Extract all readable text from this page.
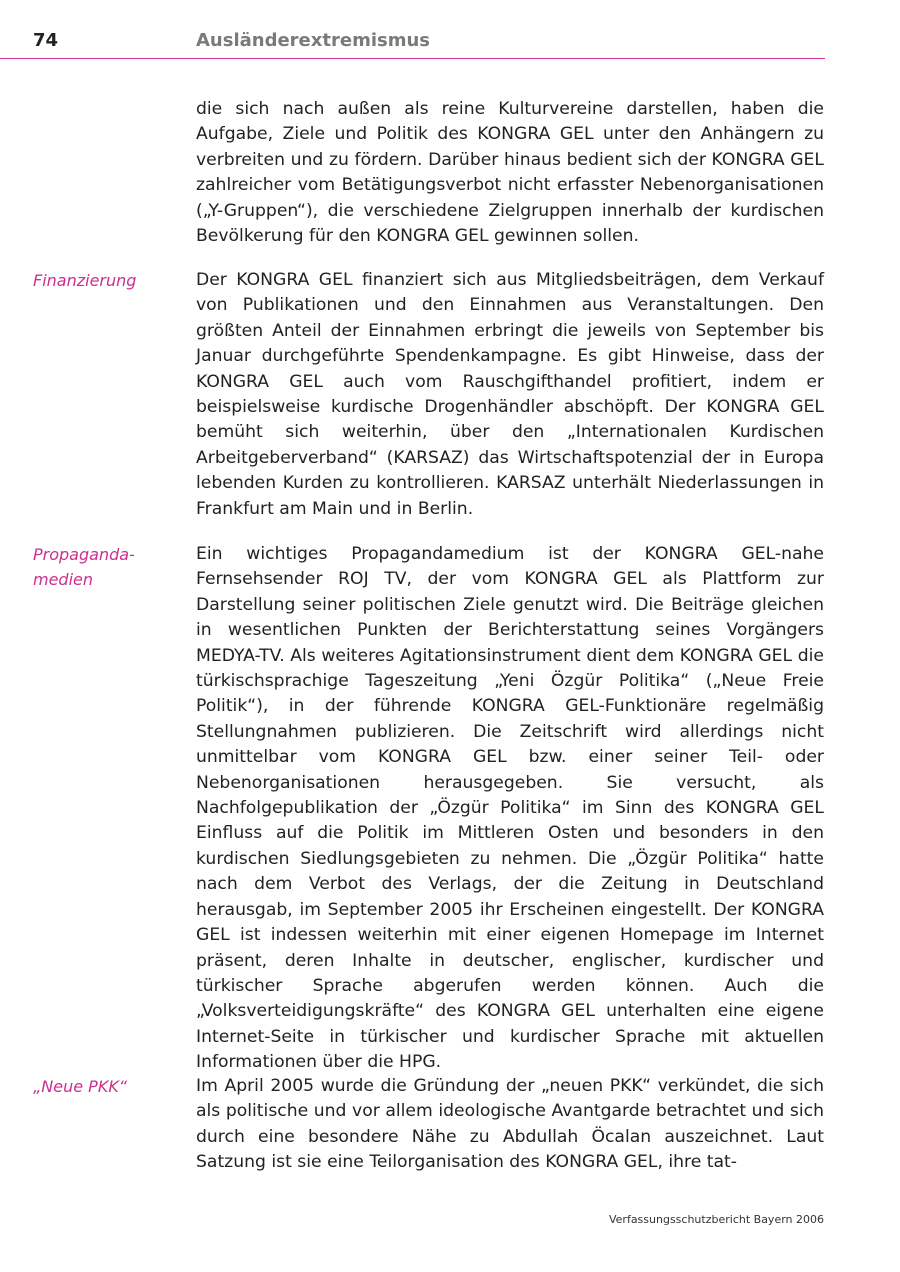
74	Ausländerextremismus
die sich nach außen als reine Kulturvereine darstellen, haben die Aufgabe, Ziele und Politik des KONGRA GEL unter den Anhängern zu verbreiten und zu fördern. Darüber hinaus bedient sich der KONGRA GEL zahlreicher vom Betätigungsverbot nicht erfasster Nebenorganisationen („Y-Gruppen“), die verschiedene Zielgruppen innerhalb der kurdischen Bevölkerung für den KONGRA GEL gewinnen sollen.
Finanzierung	Der KONGRA GEL finanziert sich aus Mitgliedsbeiträgen, dem Verkauf von Publikationen und den Einnahmen aus Veranstaltungen. Den größten Anteil der Einnahmen erbringt die jeweils von September bis Januar durchgeführte Spendenkampagne. Es gibt Hinweise, dass der KONGRA GEL auch vom Rauschgifthandel profitiert, indem er beispielsweise kurdische Drogenhändler abschöpft. Der KONGRA GEL bemüht sich weiterhin, über den „Internationalen Kurdischen Arbeitgeberverband“ (KARSAZ) das Wirtschaftspotenzial der in Europa lebenden Kurden zu kontrollieren. KARSAZ unterhält Niederlassungen in Frankfurt am Main und in Berlin.
Propaganda-
medien
Ein wichtiges Propagandamedium ist der KONGRA GEL-nahe Fernsehsender ROJ TV, der vom KONGRA GEL als Plattform zur Darstellung seiner politischen Ziele genutzt wird. Die Beiträge gleichen in wesentlichen Punkten der Berichterstattung seines Vorgängers MEDYA-TV. Als weiteres Agitationsinstrument dient dem KONGRA GEL die türkischsprachige Tageszeitung „Yeni Özgür Politika“ („Neue Freie Politik“), in der führende KONGRA GEL-Funktionäre regelmäßig Stellungnahmen publizieren. Die Zeitschrift wird allerdings nicht unmittelbar vom KONGRA GEL bzw. einer seiner Teil- oder Nebenorganisationen herausgegeben. Sie versucht, als Nachfolgepublikation der „Özgür Politika“ im Sinn des KONGRA GEL Einfluss auf die Politik im Mittleren Osten und besonders in den kurdischen Siedlungsgebieten zu nehmen. Die „Özgür Politika“ hatte nach dem Verbot des Verlags, der die Zeitung in Deutschland herausgab, im September 2005 ihr Erscheinen eingestellt. Der KONGRA GEL ist indessen weiterhin mit einer eigenen Homepage im Internet präsent, deren Inhalte in deutscher, englischer, kurdischer und türkischer Sprache abgerufen werden können. Auch die „Volksverteidigungskräfte“ des KONGRA GEL unterhalten eine eigene Internet-Seite in türkischer und kurdischer Sprache mit aktuellen Informationen über die HPG.
„Neue PKK“	Im April 2005 wurde die Gründung der „neuen PKK“ verkündet, die sich als politische und vor allem ideologische Avantgarde betrachtet und sich durch eine besondere Nähe zu Abdullah Öcalan auszeichnet. Laut Satzung ist sie eine Teilorganisation des KONGRA GEL, ihre tat-
Verfassungsschutzbericht Bayern 2006
